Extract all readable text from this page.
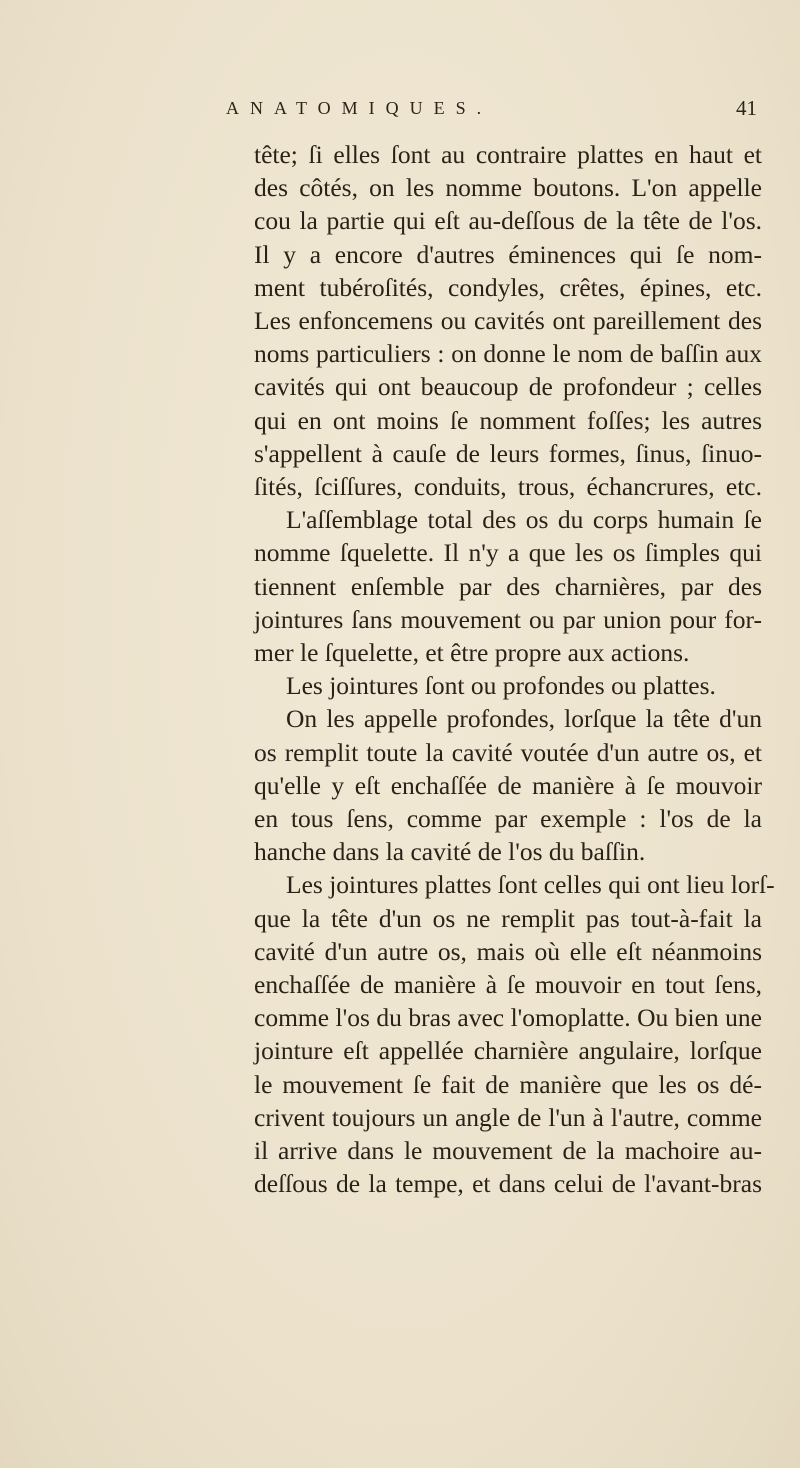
ANATOMIQUES.	41
tête; ſi elles ſont au contraire plattes en haut et
des côtés, on les nomme boutons. L'on appelle
cou la partie qui eſt au-deſſous de la tête de l'os.
Il y a encore d'autres éminences qui ſe nom-
ment tubéroſités, condyles, crêtes, épines, etc.
Les enfoncemens ou cavités ont pareillement des
noms particuliers : on donne le nom de baſſin aux
cavités qui ont beaucoup de profondeur ; celles
qui en ont moins ſe nomment foſſes; les autres
s'appellent à cauſe de leurs formes, ſinus, ſinuo-
ſités, ſciſſures, conduits, trous, échancrures, etc.
L'aſſemblage total des os du corps humain ſe
nomme ſquelette. Il n'y a que les os ſimples qui
tiennent enſemble par des charnières, par des
jointures ſans mouvement ou par union pour for-
mer le ſquelette, et être propre aux actions.
Les jointures ſont ou profondes ou plattes.
On les appelle profondes, lorſque la tête d'un
os remplit toute la cavité voutée d'un autre os, et
qu'elle y eſt enchaſſée de manière à ſe mouvoir
en tous ſens, comme par exemple : l'os de la
hanche dans la cavité de l'os du baſſin.
Les jointures plattes ſont celles qui ont lieu lorſ-
que la tête d'un os ne remplit pas tout-à-fait la
cavité d'un autre os, mais où elle eſt néanmoins
enchaſſée de manière à ſe mouvoir en tout ſens,
comme l'os du bras avec l'omoplatte. Ou bien une
jointure eſt appellée charnière angulaire, lorſque
le mouvement ſe fait de manière que les os dé-
crivent toujours un angle de l'un à l'autre, comme
il arrive dans le mouvement de la machoire au-
deſſous de la tempe, et dans celui de l'avant-bras
